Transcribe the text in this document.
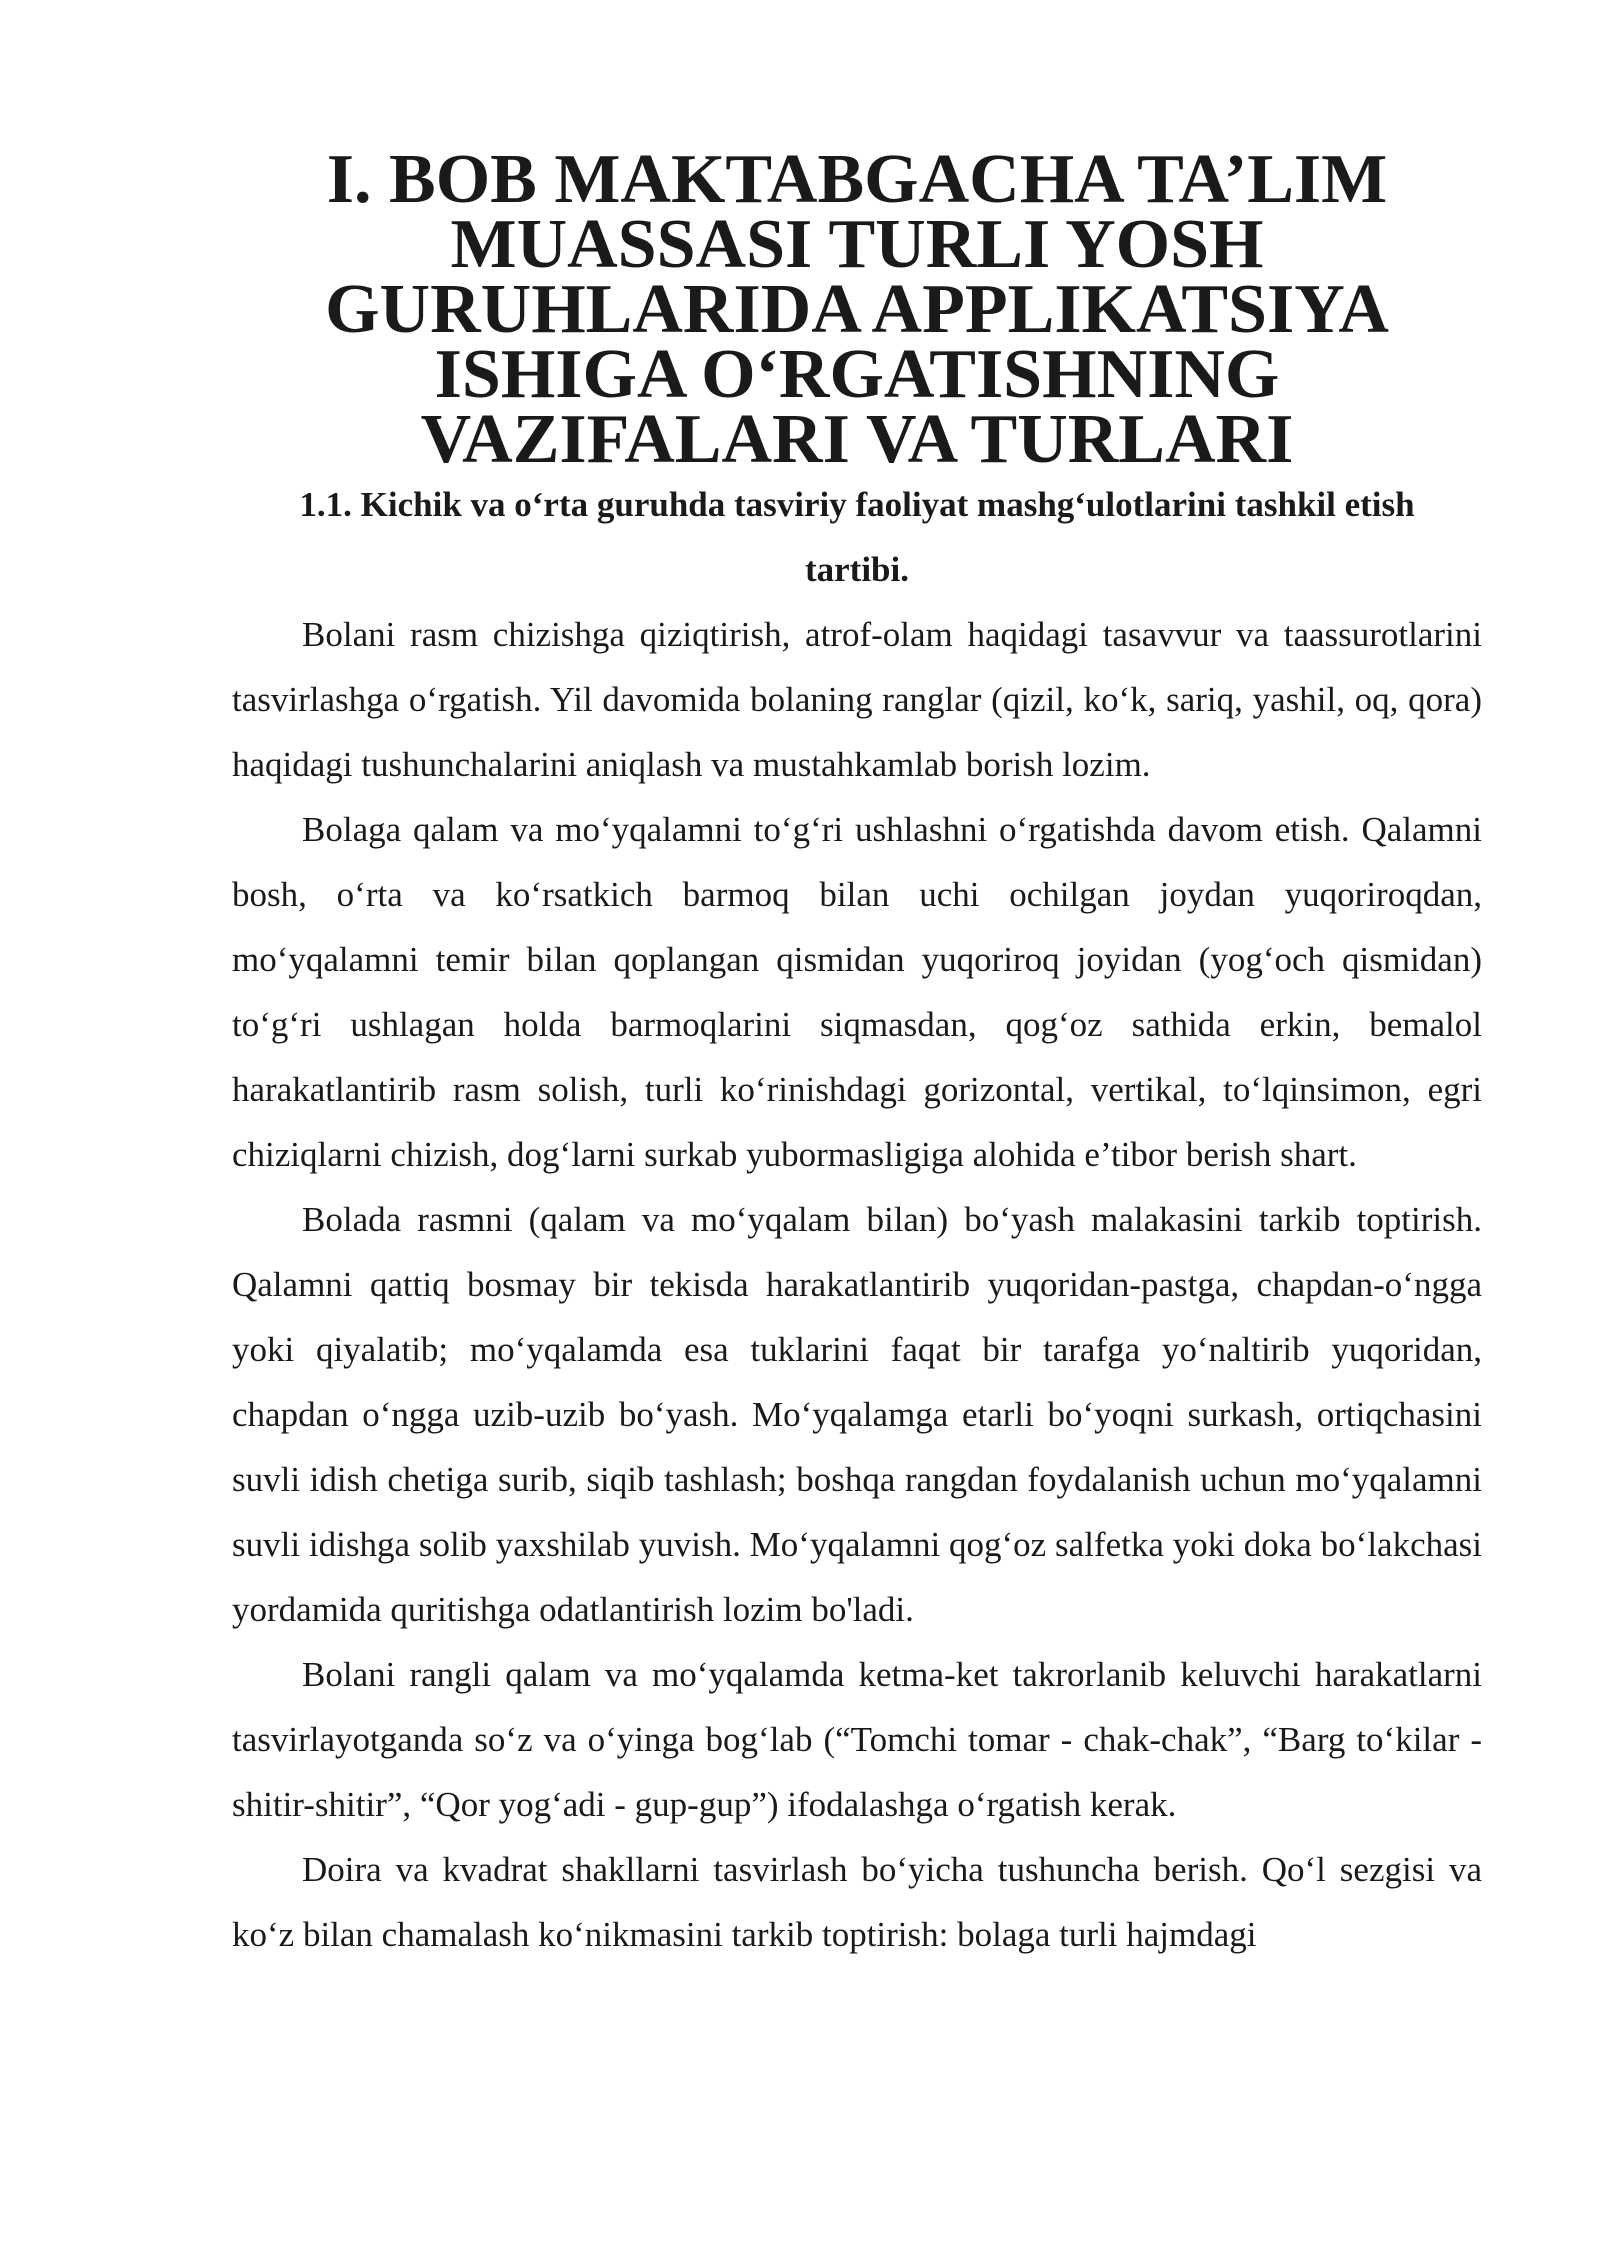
I. BOB MAKTABGACHA TA’LIM MUASSASI TURLI YOSH
GURUHLARIDA APPLIKATSIYA ISHIGA O‘RGATISHNING
VAZIFALARI VA TURLARI
1.1. Kichik va o‘rta guruhda tasviriy faoliyat mashg‘ulotlarini tashkil etish
tartibi.

Bolani rasm chizishga qiziqtirish, atrof-olam haqidagi tasavvur va taassurotlarini tasvirlashga o‘rgatish. Yil davomida bolaning ranglar (qizil, ko‘k, sariq, yashil, oq, qora) haqidagi tushunchalarini aniqlash va mustahkamlab borish lozim.

Bolaga qalam va mo‘yqalamni to‘g‘ri ushlashni o‘rgatishda davom etish. Qalamni bosh, o‘rta va ko‘rsatkich barmoq bilan uchi ochilgan joydan yuqoriroqdan, mo‘yqalamni temir bilan qoplangan qismidan yuqoriroq joyidan (yog‘och qismidan) to‘g‘ri ushlagan holda barmoqlarini siqmasdan, qog‘oz sathida erkin, bemalol harakatlantirib rasm solish, turli ko‘rinishdagi gorizontal, vertikal, to‘lqinsimon, egri chiziqlarni chizish, dog‘larni surkab yubormasligiga alohida e’tibor berish shart.

Bolada rasmni (qalam va mo‘yqalam bilan) bo‘yash malakasini tarkib toptirish. Qalamni qattiq bosmay bir tekisda harakatlantirib yuqoridan-pastga, chapdan-o‘ngga yoki qiyalatib; mo‘yqalamda esa tuklarini faqat bir tarafga yo‘naltirib yuqoridan, chapdan o‘ngga uzib-uzib bo‘yash. Mo‘yqalamga etarli bo‘yoqni surkash, ortiqchasini suvli idish chetiga surib, siqib tashlash; boshqa rangdan foydalanish uchun mo‘yqalamni suvli idishga solib yaxshilab yuvish. Mo‘yqalamni qog‘oz salfetka yoki doka bo‘lakchasi yordamida quritishga odatlantirish lozim bo'ladi.

Bolani rangli qalam va mo‘yqalamda ketma-ket takrorlanib keluvchi harakatlarni tasvirlayotganda so‘z va o‘yinga bog‘lab (“Tomchi tomar - chak-chak”, “Barg to‘kilar - shitir-shitir”, “Qor yog‘adi - gup-gup”) ifodalashga o‘rgatish kerak.

Doira va kvadrat shakllarni tasvirlash bo‘yicha tushuncha berish. Qo‘l sezgisi va ko‘z bilan chamalash ko‘nikmasini tarkib toptirish: bolaga turli hajmdagi
